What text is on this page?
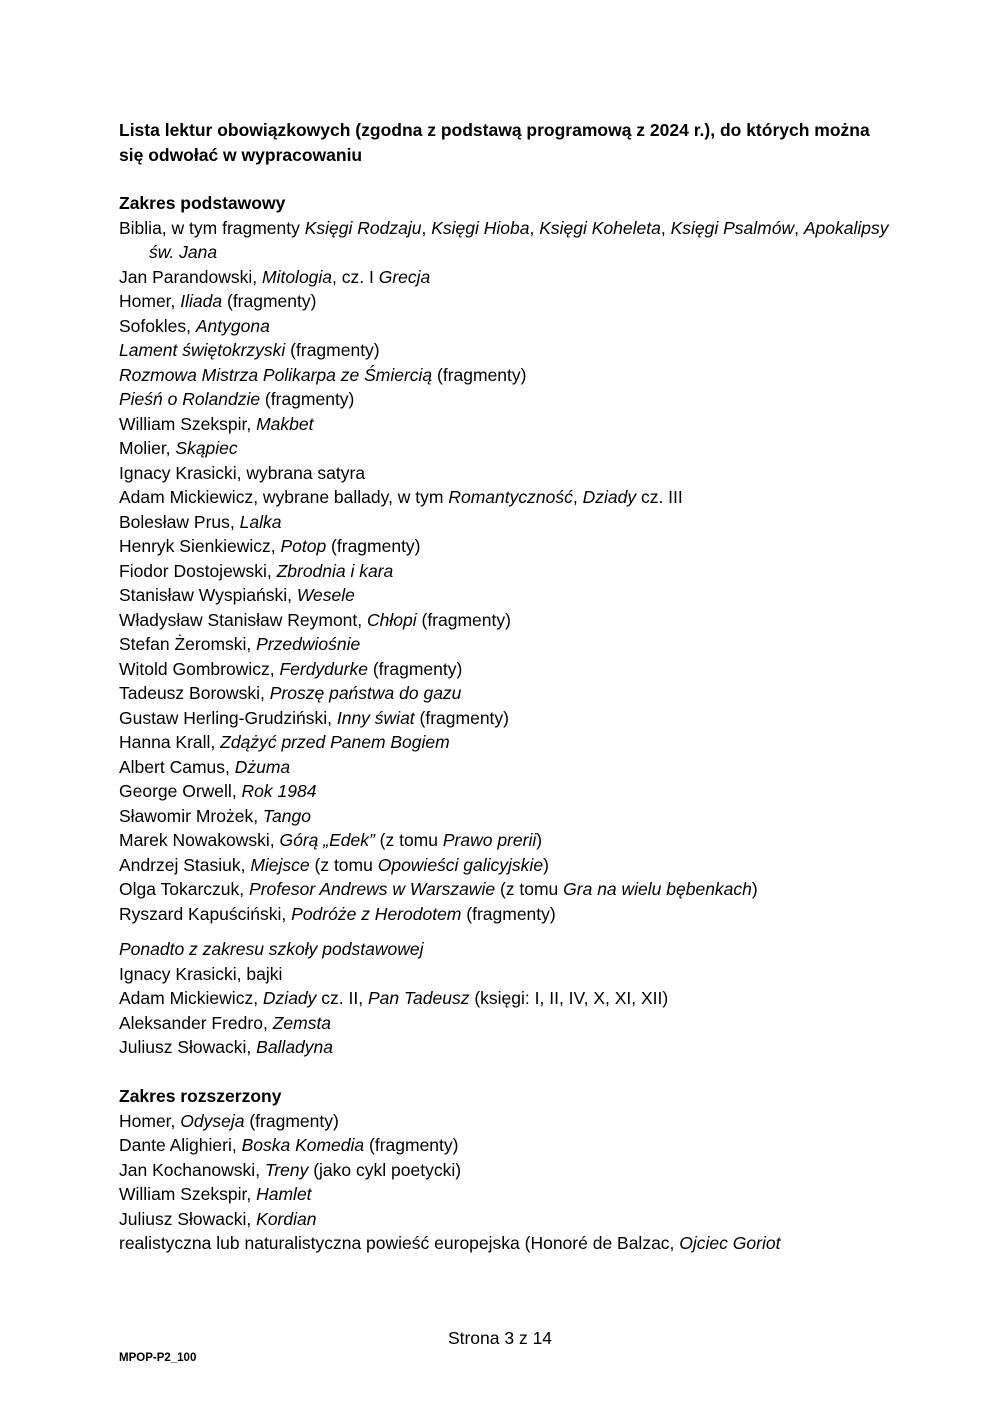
Lista lektur obowiązkowych (zgodna z podstawą programową z 2024 r.), do których można się odwołać w wypracowaniu
Zakres podstawowy
Biblia, w tym fragmenty Księgi Rodzaju, Księgi Hioba, Księgi Koheleta, Księgi Psalmów, Apokalipsy św. Jana
Jan Parandowski, Mitologia, cz. I Grecja
Homer, Iliada (fragmenty)
Sofokles, Antygona
Lament świętokrzyski (fragmenty)
Rozmowa Mistrza Polikarpa ze Śmiercią (fragmenty)
Pieśń o Rolandzie (fragmenty)
William Szekspir, Makbet
Molier, Skąpiec
Ignacy Krasicki, wybrana satyra
Adam Mickiewicz, wybrane ballady, w tym Romantyczność, Dziady cz. III
Bolesław Prus, Lalka
Henryk Sienkiewicz, Potop (fragmenty)
Fiodor Dostojewski, Zbrodnia i kara
Stanisław Wyspiański, Wesele
Władysław Stanisław Reymont, Chłopi (fragmenty)
Stefan Żeromski, Przedwiośnie
Witold Gombrowicz, Ferdydurke (fragmenty)
Tadeusz Borowski, Proszę państwa do gazu
Gustaw Herling-Grudziński, Inny świat (fragmenty)
Hanna Krall, Zdążyć przed Panem Bogiem
Albert Camus, Dżuma
George Orwell, Rok 1984
Sławomir Mrożek, Tango
Marek Nowakowski, Górą „Edek” (z tomu Prawo prerii)
Andrzej Stasiuk, Miejsce (z tomu Opowieści galicyjskie)
Olga Tokarczuk, Profesor Andrews w Warszawie (z tomu Gra na wielu bębenkach)
Ryszard Kapuściński, Podróże z Herodotem (fragmenty)
Ponadto z zakresu szkoły podstawowej
Ignacy Krasicki, bajki
Adam Mickiewicz, Dziady cz. II, Pan Tadeusz (księgi: I, II, IV, X, XI, XII)
Aleksander Fredro, Zemsta
Juliusz Słowacki, Balladyna
Zakres rozszerzony
Homer, Odyseja (fragmenty)
Dante Alighieri, Boska Komedia (fragmenty)
Jan Kochanowski, Treny (jako cykl poetycki)
William Szekspir, Hamlet
Juliusz Słowacki, Kordian
realistyczna lub naturalistyczna powieść europejska (Honoré de Balzac, Ojciec Goriot
Strona 3 z 14
MPOP-P2_100
